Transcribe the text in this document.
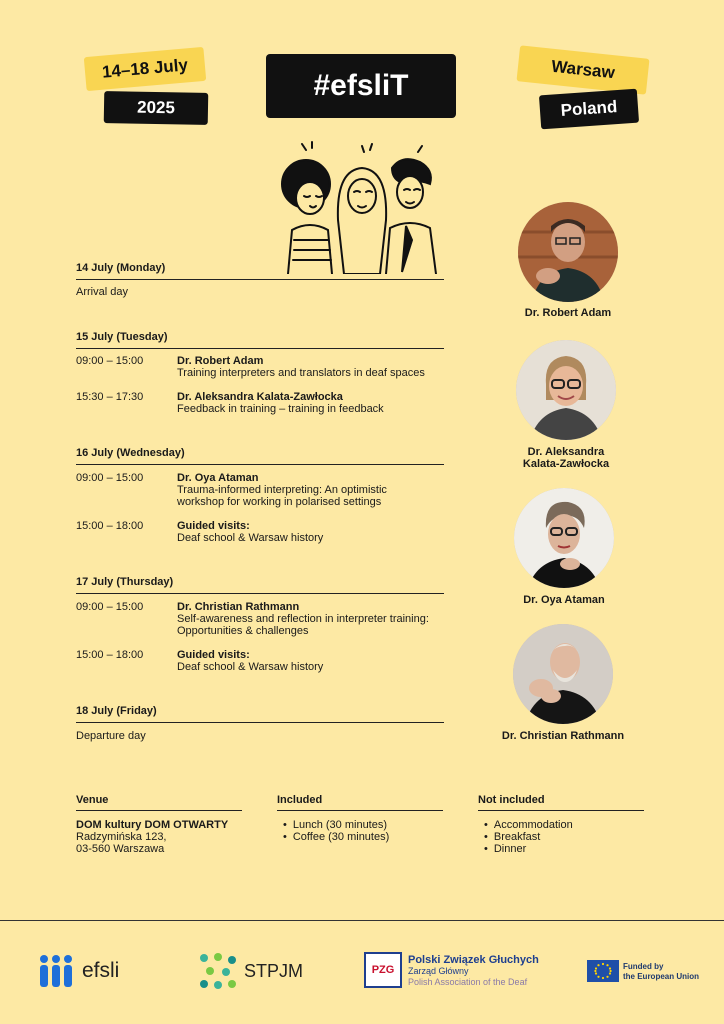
14–18 July
2025
#efsliT	Warsaw
Poland
14 July (Monday)
Arrival day
15 July (Tuesday)
09:00 – 15:00	Dr. Robert Adam
Training interpreters and translators in deaf spaces
15:30 – 17:30	Dr. Aleksandra Kalata-Zawłocka
Feedback in training – training in feedback
16 July (Wednesday)
09:00 – 15:00	Dr. Oya Ataman
Trauma-informed interpreting: An optimistic
workshop for working in polarised settings
15:00 – 18:00	Guided visits:
Deaf school & Warsaw history
17 July (Thursday)
09:00 – 15:00	Dr. Christian Rathmann
Self-awareness and reflection in interpreter training:
Opportunities & challenges
15:00 – 18:00	Guided visits:
Deaf school & Warsaw history
18 July (Friday)
Departure day
Dr. Robert Adam
Dr. Aleksandra
Kalata-Zawłocka
Dr. Oya Ataman
Dr. Christian Rathmann
Venue
DOM kultury DOM OTWARTY
Radzymińska 123,
03-560 Warszawa
Included
• Lunch (30 minutes)
• Coffee (30 minutes)
Not included
• Accommodation
• Breakfast
• Dinner
efsli	STPJM	PZG
Polski Związek Głuchych
Zarząd Główny
Polish Association of the Deaf
Funded by
the European Union
